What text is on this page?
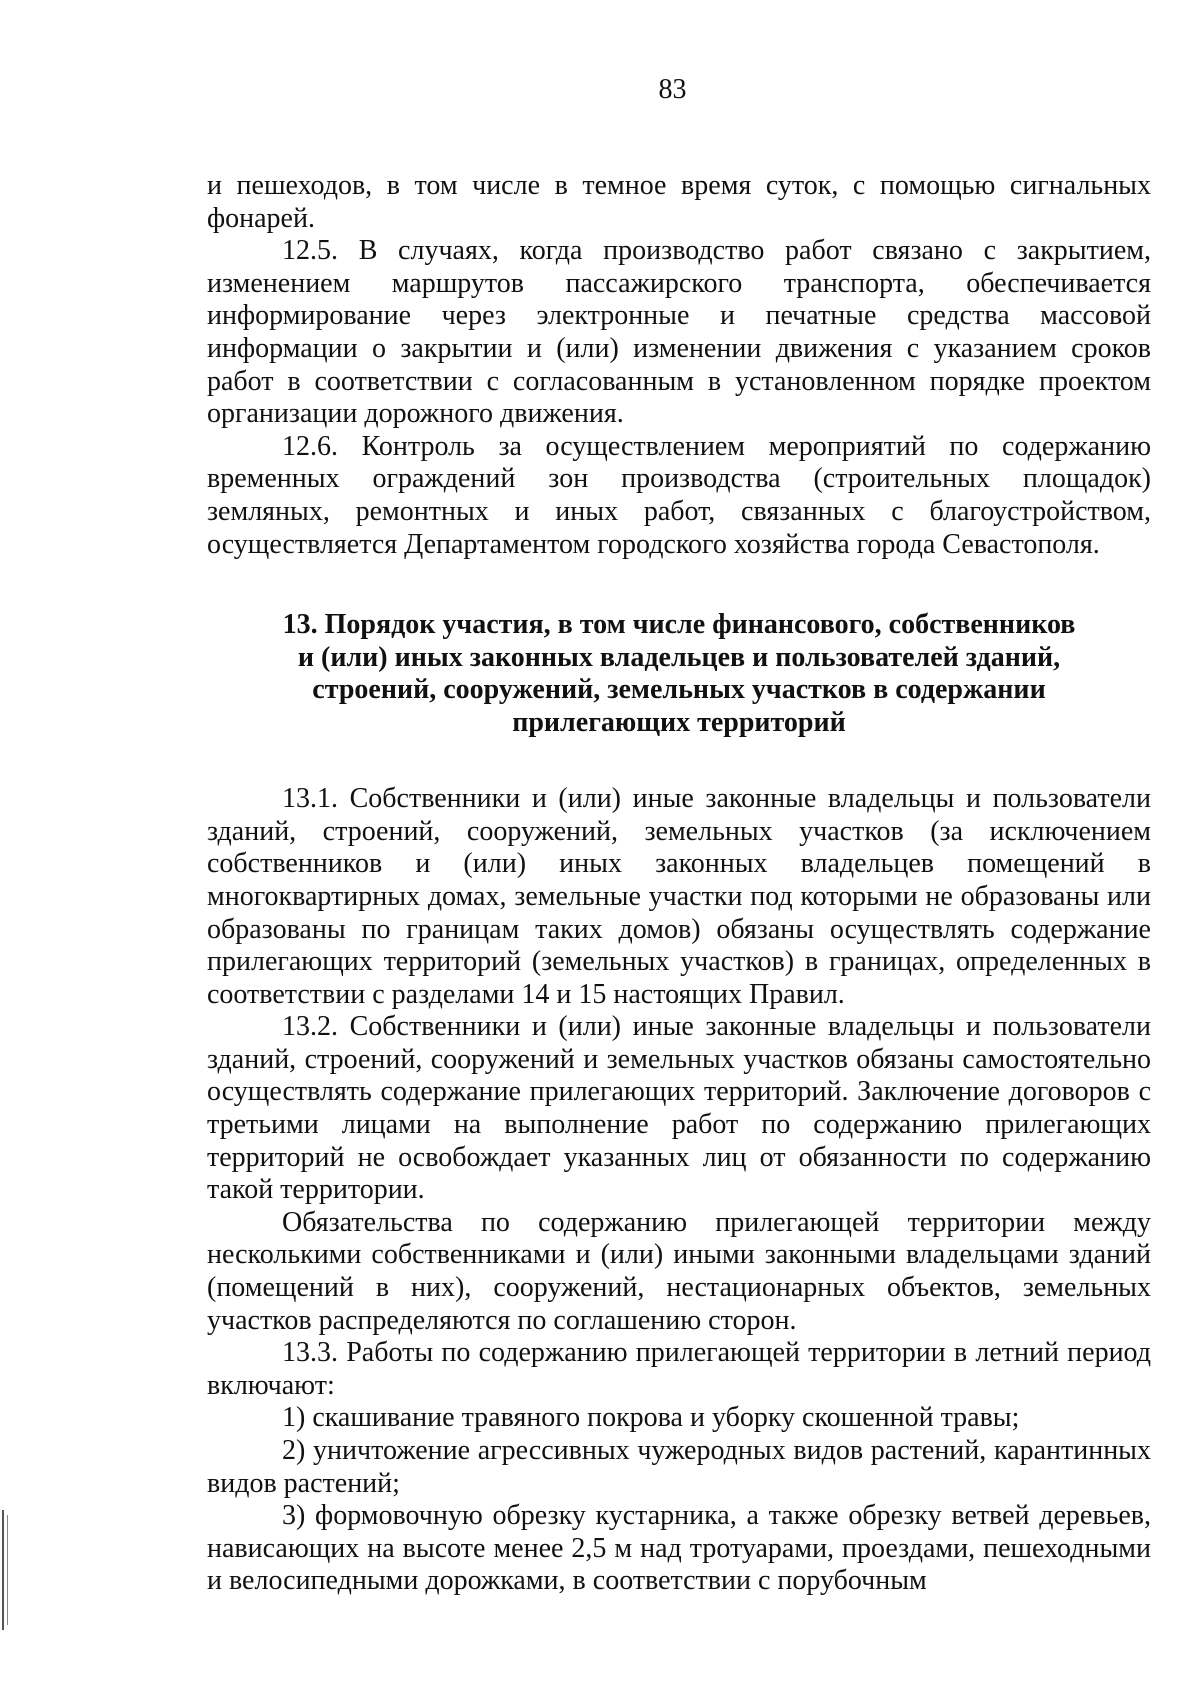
83

и пешеходов, в том числе в темное время суток, с помощью сигнальных фонарей.

12.5. В случаях, когда производство работ связано с закрытием, изменением маршрутов пассажирского транспорта, обеспечивается информирование через электронные и печатные средства массовой информации о закрытии и (или) изменении движения с указанием сроков работ в соответствии с согласованным в установленном порядке проектом организации дорожного движения.

12.6. Контроль за осуществлением мероприятий по содержанию временных ограждений зон производства (строительных площадок) земляных, ремонтных и иных работ, связанных с благоустройством, осуществляется Департаментом городского хозяйства города Севастополя.

13. Порядок участия, в том числе финансового, собственников
и (или) иных законных владельцев и пользователей зданий,
строений, сооружений, земельных участков в содержании
прилегающих территорий

13.1. Собственники и (или) иные законные владельцы и пользователи зданий, строений, сооружений, земельных участков (за исключением собственников и (или) иных законных владельцев помещений в многоквартирных домах, земельные участки под которыми не образованы или образованы по границам таких домов) обязаны осуществлять содержание прилегающих территорий (земельных участков) в границах, определенных в соответствии с разделами 14 и 15 настоящих Правил.

13.2. Собственники и (или) иные законные владельцы и пользователи зданий, строений, сооружений и земельных участков обязаны самостоятельно осуществлять содержание прилегающих территорий. Заключение договоров с третьими лицами на выполнение работ по содержанию прилегающих территорий не освобождает указанных лиц от обязанности по содержанию такой территории.

Обязательства по содержанию прилегающей территории между несколькими собственниками и (или) иными законными владельцами зданий (помещений в них), сооружений, нестационарных объектов, земельных участков распределяются по соглашению сторон.

13.3. Работы по содержанию прилегающей территории в летний период включают:

1) скашивание травяного покрова и уборку скошенной травы;

2) уничтожение агрессивных чужеродных видов растений, карантинных видов растений;

3) формовочную обрезку кустарника, а также обрезку ветвей деревьев, нависающих на высоте менее 2,5 м над тротуарами, проездами, пешеходными и велосипедными дорожками, в соответствии с порубочным
